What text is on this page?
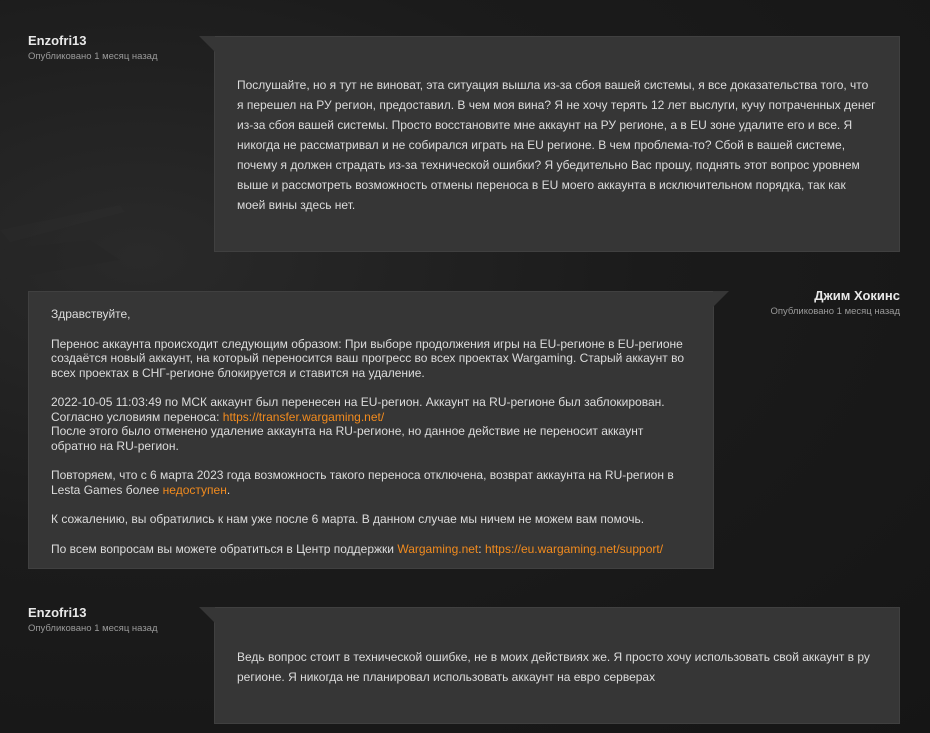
Enzofri13
Опубликовано 1 месяц назад

Послушайте, но я тут не виноват, эта ситуация вышла из-за сбоя вашей системы, я все доказательства того, что я перешел на РУ регион, предоставил. В чем моя вина? Я не хочу терять 12 лет выслуги, кучу потраченных денег из-за сбоя вашей системы. Просто восстановите мне аккаунт на РУ регионе, а в EU зоне удалите его и все. Я никогда не рассматривал и не собирался играть на EU регионе. В чем проблема-то? Сбой в вашей системе, почему я должен страдать из-за технической ошибки? Я убедительно Вас прошу, поднять этот вопрос уровнем выше и рассмотреть возможность отмены переноса в EU моего аккаунта в исключительном порядка, так как моей вины здесь нет.

Джим Хокинс
Опубликовано 1 месяц назад

Здравствуйте,

Перенос аккаунта происходит следующим образом: При выборе продолжения игры на EU-регионе в EU-регионе создаётся новый аккаунт, на который переносится ваш прогресс во всех проектах Wargaming. Старый аккаунт во всех проектах в СНГ-регионе блокируется и ставится на удаление.

2022-10-05 11:03:49 по МСК аккаунт был перенесен на EU-регион. Аккаунт на RU-регионе был заблокирован.
Согласно условиям переноса: https://transfer.wargaming.net/
После этого было отменено удаление аккаунта на RU-регионе, но данное действие не переносит аккаунт обратно на RU-регион.

Повторяем, что с 6 марта 2023 года возможность такого переноса отключена, возврат аккаунта на RU-регион в Lesta Games более недоступен.

К сожалению, вы обратились к нам уже после 6 марта. В данном случае мы ничем не можем вам помочь.

По всем вопросам вы можете обратиться в Центр поддержки Wargaming.net: https://eu.wargaming.net/support/

Enzofri13
Опубликовано 1 месяц назад

Ведь вопрос стоит в технической ошибке, не в моих действиях же. Я просто хочу использовать свой аккаунт в ру регионе. Я никогда не планировал использовать аккаунт на евро серверах
